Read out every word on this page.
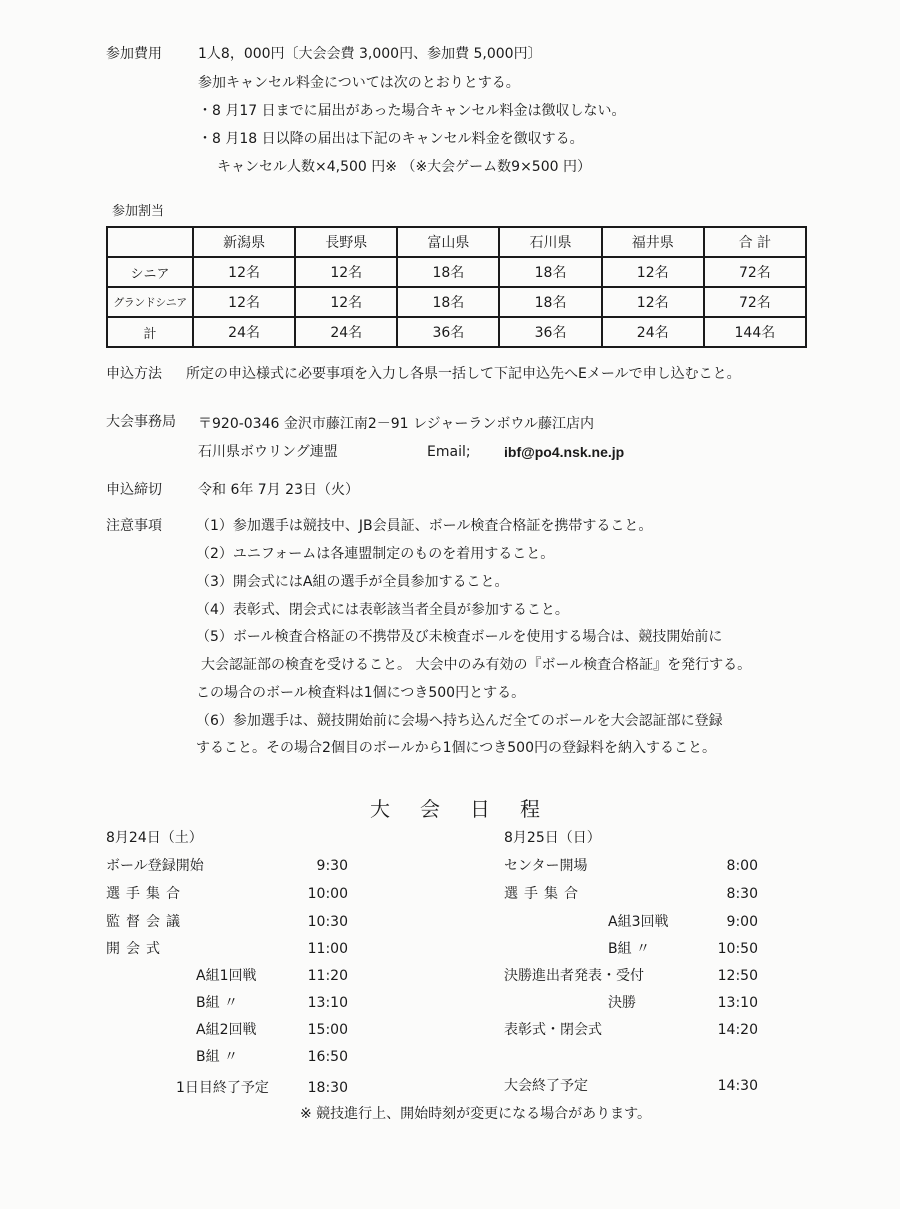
参加費用	1人8，000円〔大会会費 3,000円、参加費 5,000円〕
参加キャンセル料金については次のとおりとする。
・8 月17 日までに届出があった場合キャンセル料金は徴収しない。
・8 月18 日以降の届出は下記のキャンセル料金を徴収する。
キャンセル人数×4,500 円※ （※大会ゲーム数9×500 円）
参加割当
	新潟県	長野県	富山県	石川県	福井県	合 計
シニア	12名	12名	18名	18名	12名	72名
グランドシニア	12名	12名	18名	18名	12名	72名
計	24名	24名	36名	36名	24名	144名
申込方法 所定の申込様式に必要事項を入力し各県一括して下記申込先へEメールで申し込むこと。
大会事務局 〒920-0346 金沢市藤江南2－91 レジャーランボウル藤江店内
石川県ボウリング連盟	Email; ibf@po4.nsk.ne.jp
申込締切	令和 6年 7月 23日（火）
注意事項 （1）参加選手は競技中、JB会員証、ボール検査合格証を携帯すること。
（2）ユニフォームは各連盟制定のものを着用すること。
（3）開会式にはA組の選手が全員参加すること。
（4）表彰式、閉会式には表彰該当者全員が参加すること。
（5）ボール検査合格証の不携帯及び未検査ボールを使用する場合は、競技開始前に
大会認証部の検査を受けること。 大会中のみ有効の『ボール検査合格証』を発行する。
この場合のボール検査料は1個につき500円とする。
（6）参加選手は、競技開始前に会場へ持ち込んだ全てのボールを大会認証部に登録
すること。その場合2個目のボールから1個につき500円の登録料を納入すること。
大会日程
8月24日（土）
ボール登録開始	9:30
選手集合	10:00
監督会議	10:30
開会式	11:00
A組1回戦	11:20
B組 〃	13:10
A組2回戦	15:00
B組 〃	16:50
1日目終了予定	18:30
8月25日（日）
センター開場	8:00
選手集合	8:30
A組3回戦	9:00
B組 〃	10:50
決勝進出者発表・受付	12:50
決勝	13:10
表彰式・閉会式	14:20
大会終了予定	14:30
※ 競技進行上、開始時刻が変更になる場合があります。
